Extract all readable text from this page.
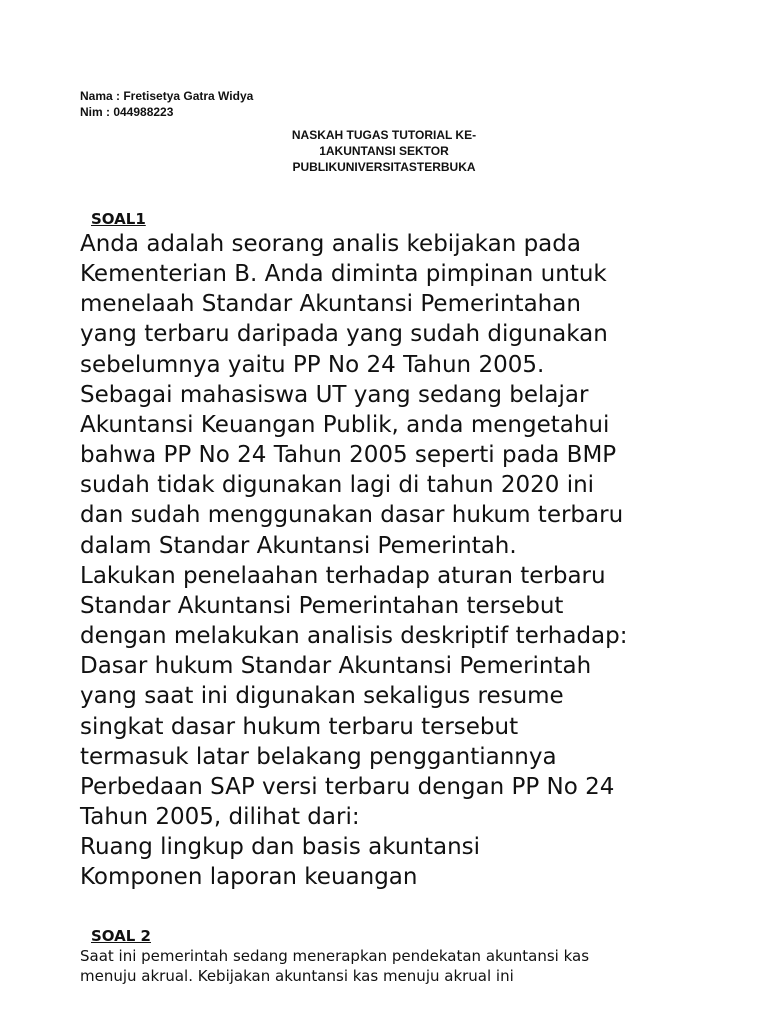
Nama : Fretisetya Gatra Widya
Nim : 044988223
NASKAH TUGAS TUTORIAL KE-
1AKUNTANSI SEKTOR
PUBLIKUNIVERSITASTERBUKA
SOAL1
Anda adalah seorang analis kebijakan pada
Kementerian B. Anda diminta pimpinan untuk
menelaah Standar Akuntansi Pemerintahan
yang terbaru daripada yang sudah digunakan
sebelumnya yaitu PP No 24 Tahun 2005.
Sebagai mahasiswa UT yang sedang belajar
Akuntansi Keuangan Publik, anda mengetahui
bahwa PP No 24 Tahun 2005 seperti pada BMP
sudah tidak digunakan lagi di tahun 2020 ini
dan sudah menggunakan dasar hukum terbaru
dalam Standar Akuntansi Pemerintah.
Lakukan penelaahan terhadap aturan terbaru
Standar Akuntansi Pemerintahan tersebut
dengan melakukan analisis deskriptif terhadap:
Dasar hukum Standar Akuntansi Pemerintah
yang saat ini digunakan sekaligus resume
singkat dasar hukum terbaru tersebut
termasuk latar belakang penggantiannya
Perbedaan SAP versi terbaru dengan PP No 24
Tahun 2005, dilihat dari:
Ruang lingkup dan basis akuntansi
Komponen laporan keuangan
SOAL 2
Saat ini pemerintah sedang menerapkan pendekatan akuntansi kas
menuju akrual. Kebijakan akuntansi kas menuju akrual ini
